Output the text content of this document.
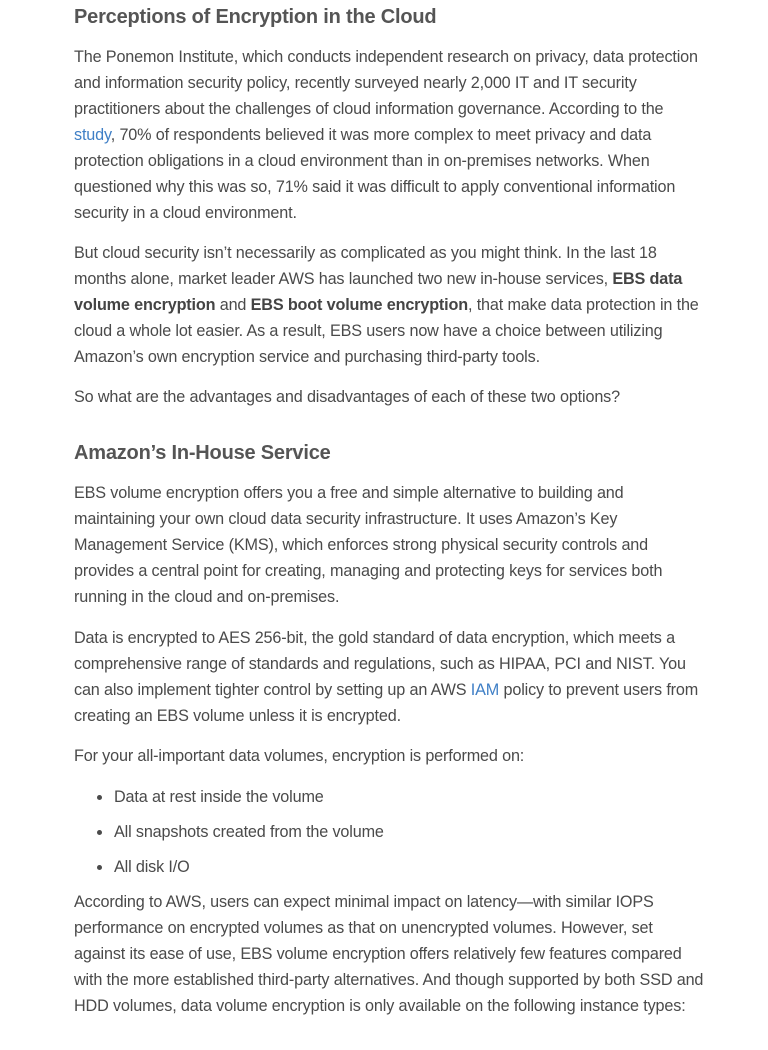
Perceptions of Encryption in the Cloud

The Ponemon Institute, which conducts independent research on privacy, data protection and information security policy, recently surveyed nearly 2,000 IT and IT security practitioners about the challenges of cloud information governance. According to the study, 70% of respondents believed it was more complex to meet privacy and data protection obligations in a cloud environment than in on-premises networks. When questioned why this was so, 71% said it was difficult to apply conventional information security in a cloud environment.

But cloud security isn’t necessarily as complicated as you might think. In the last 18 months alone, market leader AWS has launched two new in-house services, EBS data volume encryption and EBS boot volume encryption, that make data protection in the cloud a whole lot easier. As a result, EBS users now have a choice between utilizing Amazon’s own encryption service and purchasing third-party tools.

So what are the advantages and disadvantages of each of these two options?

Amazon’s In-House Service

EBS volume encryption offers you a free and simple alternative to building and maintaining your own cloud data security infrastructure. It uses Amazon’s Key Management Service (KMS), which enforces strong physical security controls and provides a central point for creating, managing and protecting keys for services both running in the cloud and on-premises.

Data is encrypted to AES 256-bit, the gold standard of data encryption, which meets a comprehensive range of standards and regulations, such as HIPAA, PCI and NIST. You can also implement tighter control by setting up an AWS IAM policy to prevent users from creating an EBS volume unless it is encrypted.

For your all-important data volumes, encryption is performed on:

Data at rest inside the volume
All snapshots created from the volume
All disk I/O

According to AWS, users can expect minimal impact on latency—with similar IOPS performance on encrypted volumes as that on unencrypted volumes. However, set against its ease of use, EBS volume encryption offers relatively few features compared with the more established third-party alternatives. And though supported by both SSD and HDD volumes, data volume encryption is only available on the following instance types:
